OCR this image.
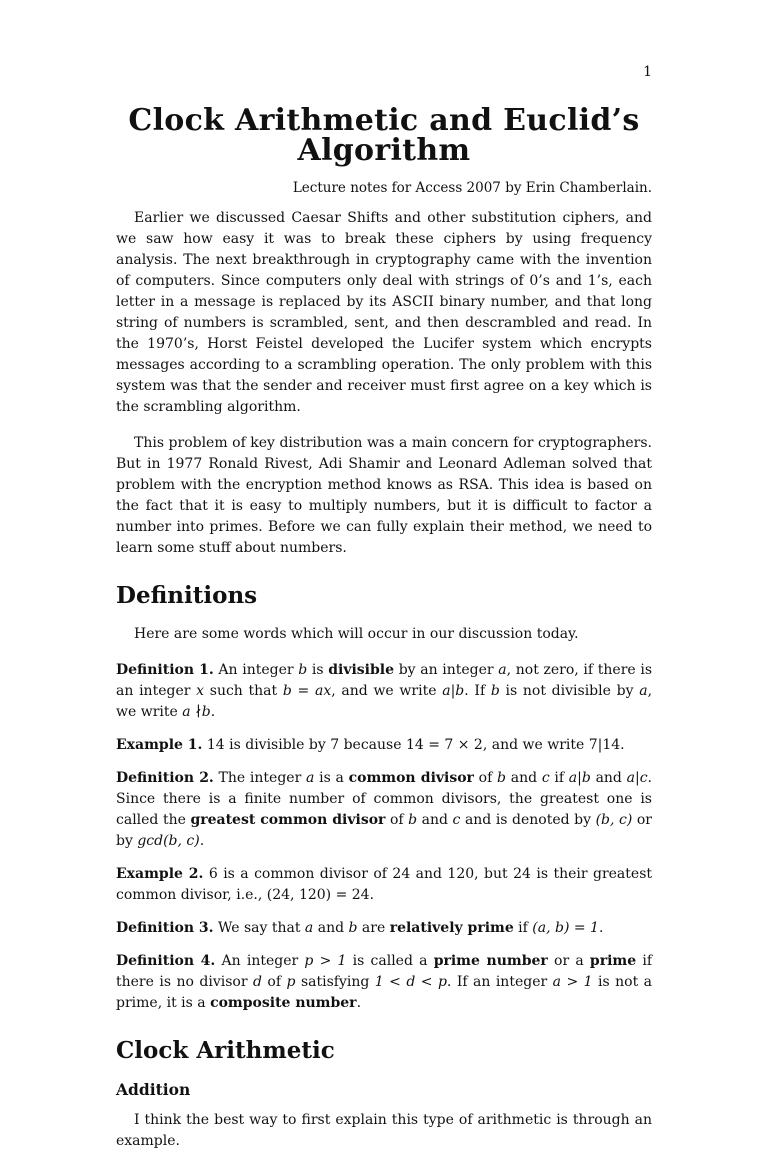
1
Clock Arithmetic and Euclid’s Algorithm
Lecture notes for Access 2007 by Erin Chamberlain.

Earlier we discussed Caesar Shifts and other substitution ciphers, and we saw how easy it was to break these ciphers by using frequency analysis. The next breakthrough in cryptography came with the invention of computers. Since computers only deal with strings of 0’s and 1’s, each letter in a message is replaced by its ASCII binary number, and that long string of numbers is scrambled, sent, and then descrambled and read. In the 1970’s, Horst Feistel developed the Lucifer system which encrypts messages according to a scrambling operation. The only problem with this system was that the sender and receiver must first agree on a key which is the scrambling algorithm.

This problem of key distribution was a main concern for cryptographers. But in 1977 Ronald Rivest, Adi Shamir and Leonard Adleman solved that problem with the encryption method knows as RSA. This idea is based on the fact that it is easy to multiply numbers, but it is difficult to factor a number into primes. Before we can fully explain their method, we need to learn some stuff about numbers.

Definitions

Here are some words which will occur in our discussion today.

Definition 1. An integer b is divisible by an integer a, not zero, if there is an integer x such that b = ax, and we write a|b. If b is not divisible by a, we write a ∤b.

Example 1. 14 is divisible by 7 because 14 = 7 × 2, and we write 7|14.

Definition 2. The integer a is a common divisor of b and c if a|b and a|c. Since there is a finite number of common divisors, the greatest one is called the greatest common divisor of b and c and is denoted by (b, c) or by gcd(b, c).

Example 2. 6 is a common divisor of 24 and 120, but 24 is their greatest common divisor, i.e., (24, 120) = 24.

Definition 3. We say that a and b are relatively prime if (a, b) = 1.

Definition 4. An integer p > 1 is called a prime number or a prime if there is no divisor d of p satisfying 1 < d < p. If an integer a > 1 is not a prime, it is a composite number.

Clock Arithmetic
Addition

I think the best way to first explain this type of arithmetic is through an example.
